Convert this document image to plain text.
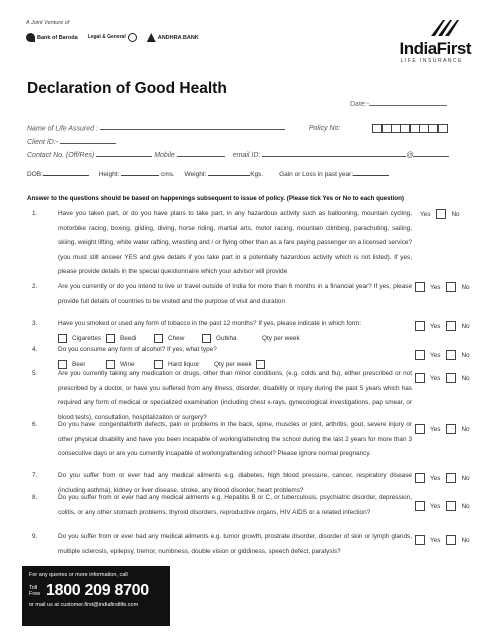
A Joint Venture of
Bank of Baroda Legal & General	ANDHRA BANK
IndiaFirst
LIFE INSURANCE
Declaration of Good Health
Date:-
Name of Life Assured :	Policy No:
Client ID:-
Contact No. (Off/Res)	Mobile	email ID:	@
DOB:	Height:	cms. Weight:	Kgs. Gain or Loss in past year:
Answer to the questions should be based on happenings subsequent to issue of policy. (Please tick Yes or No to each question)
1.	Have you taken part, or do you have plans to take part, in any hazardous activity such as ballooning, mountain cycling, motorbike racing, boxing, gliding, diving, horse riding, martial arts, motor racing, mountain climbing, parachuting, sailing, skiing, weight lifting, white water rafting, wrestling and / or flying other than as a fare paying passenger on a licensed service? (you must still answer YES and give details if you take part in a potentially hazardous activity which is not listed). If yes, please provide details in the special questionnaire which your advisor will provide
Yes	No
2.	Are you currently or do you intend to live or travel outside of India for more than 6 months in a financial year? If yes, please provide full details of countries to be visited and the purpose of visit and duration
Yes	No
3.	Have you smoked or used any form of tobacco in the past 12 months? If yes, please indicate in which form:
Cigarettes	Beedi	Chew	Gutkha	Qty per week
Yes	No
4.	Do you consume any form of alcohol? If yes, what type?
Beer	Wine	Hard liquor Qty per week
Yes	No
5.	Are you currently taking any medication or drugs, other than minor conditions, (e.g. colds and flu), either prescribed or not prescribed by a doctor, or have you suffered from any illness, disorder, disability or injury during the past 5 years which has required any form of medical or specialized examination (including chest x-rays, gynecological investigations, pap smear, or blood tests), consultation, hospitalization or surgery?
Yes	No
6.	Do you have: congenital/birth defects, pain or problems in the back, spine, muscles or joint, arthritis, gout, severe injury or other physical disability and have you been incapable of working/attending the school during the last 2 years for more than 3 consecutive days or are you currently incapable of working/attending school? Please ignore normal pregnancy.
Yes	No
7.	Do you suffer from or ever had any medical ailments e.g. diabetes, high blood pressure, cancer, respiratory disease (including asthma), kidney or liver disease, stroke, any blood disorder, heart problems?
Yes	No
8.	Do you suffer from or ever had any medical ailments e.g. Hepatitis B or C, or tuberculosis, psychiatric disorder, depression, colitis, or any other stomach problems, thyroid disorders, reproductive organs, HIV AIDS or a related infection?
Yes	No
9.	Do you suffer from or ever had any medical ailments e.g. tumor growth, prostrate disorder, disorder of skin or lymph glands, multiple sclerosis, epilepsy, tremor, numbness, double vision or giddiness, speech defect, paralysis?
Yes	No
For any queries or more information, call
Toll Free 1800 209 8700
or mail us at customer.first@indiafirstlife.com
